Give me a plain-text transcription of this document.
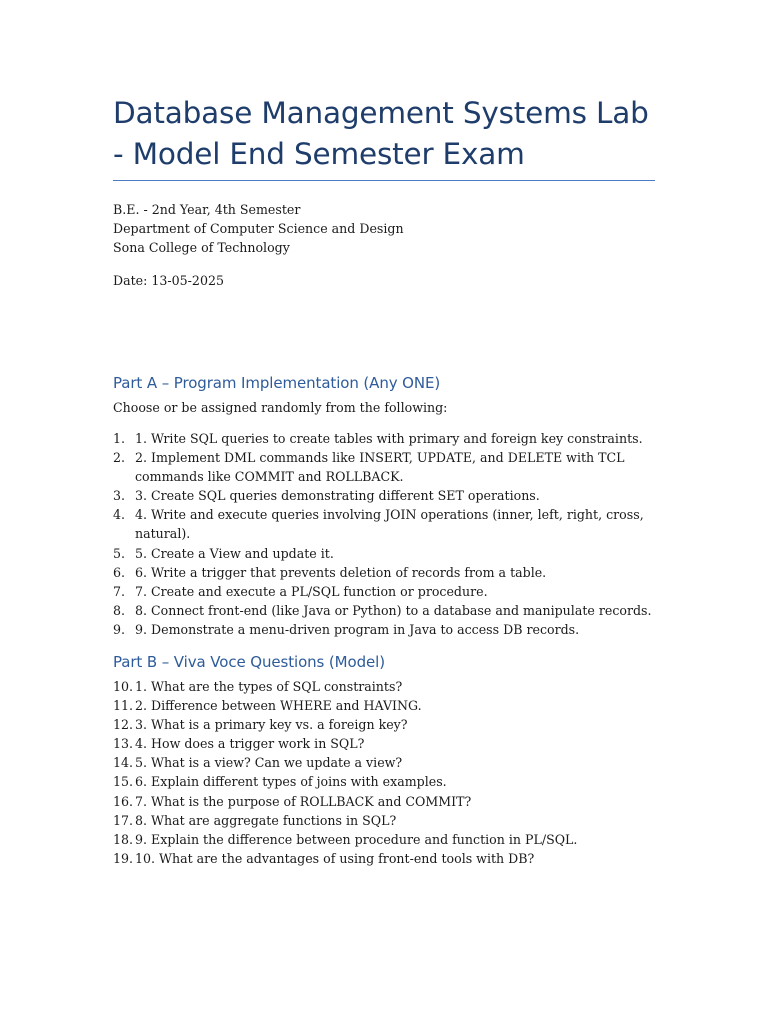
Database Management Systems Lab - Model End Semester Exam
B.E. - 2nd Year, 4th Semester
Department of Computer Science and Design
Sona College of Technology
Date: 13-05-2025
Part A – Program Implementation (Any ONE)
Choose or be assigned randomly from the following:
1. 1. Write SQL queries to create tables with primary and foreign key constraints.
2. 2. Implement DML commands like INSERT, UPDATE, and DELETE with TCL commands like COMMIT and ROLLBACK.
3. 3. Create SQL queries demonstrating different SET operations.
4. 4. Write and execute queries involving JOIN operations (inner, left, right, cross, natural).
5. 5. Create a View and update it.
6. 6. Write a trigger that prevents deletion of records from a table.
7. 7. Create and execute a PL/SQL function or procedure.
8. 8. Connect front-end (like Java or Python) to a database and manipulate records.
9. 9. Demonstrate a menu-driven program in Java to access DB records.
Part B – Viva Voce Questions (Model)
10. 1. What are the types of SQL constraints?
11. 2. Difference between WHERE and HAVING.
12. 3. What is a primary key vs. a foreign key?
13. 4. How does a trigger work in SQL?
14. 5. What is a view? Can we update a view?
15. 6. Explain different types of joins with examples.
16. 7. What is the purpose of ROLLBACK and COMMIT?
17. 8. What are aggregate functions in SQL?
18. 9. Explain the difference between procedure and function in PL/SQL.
19. 10. What are the advantages of using front-end tools with DB?
